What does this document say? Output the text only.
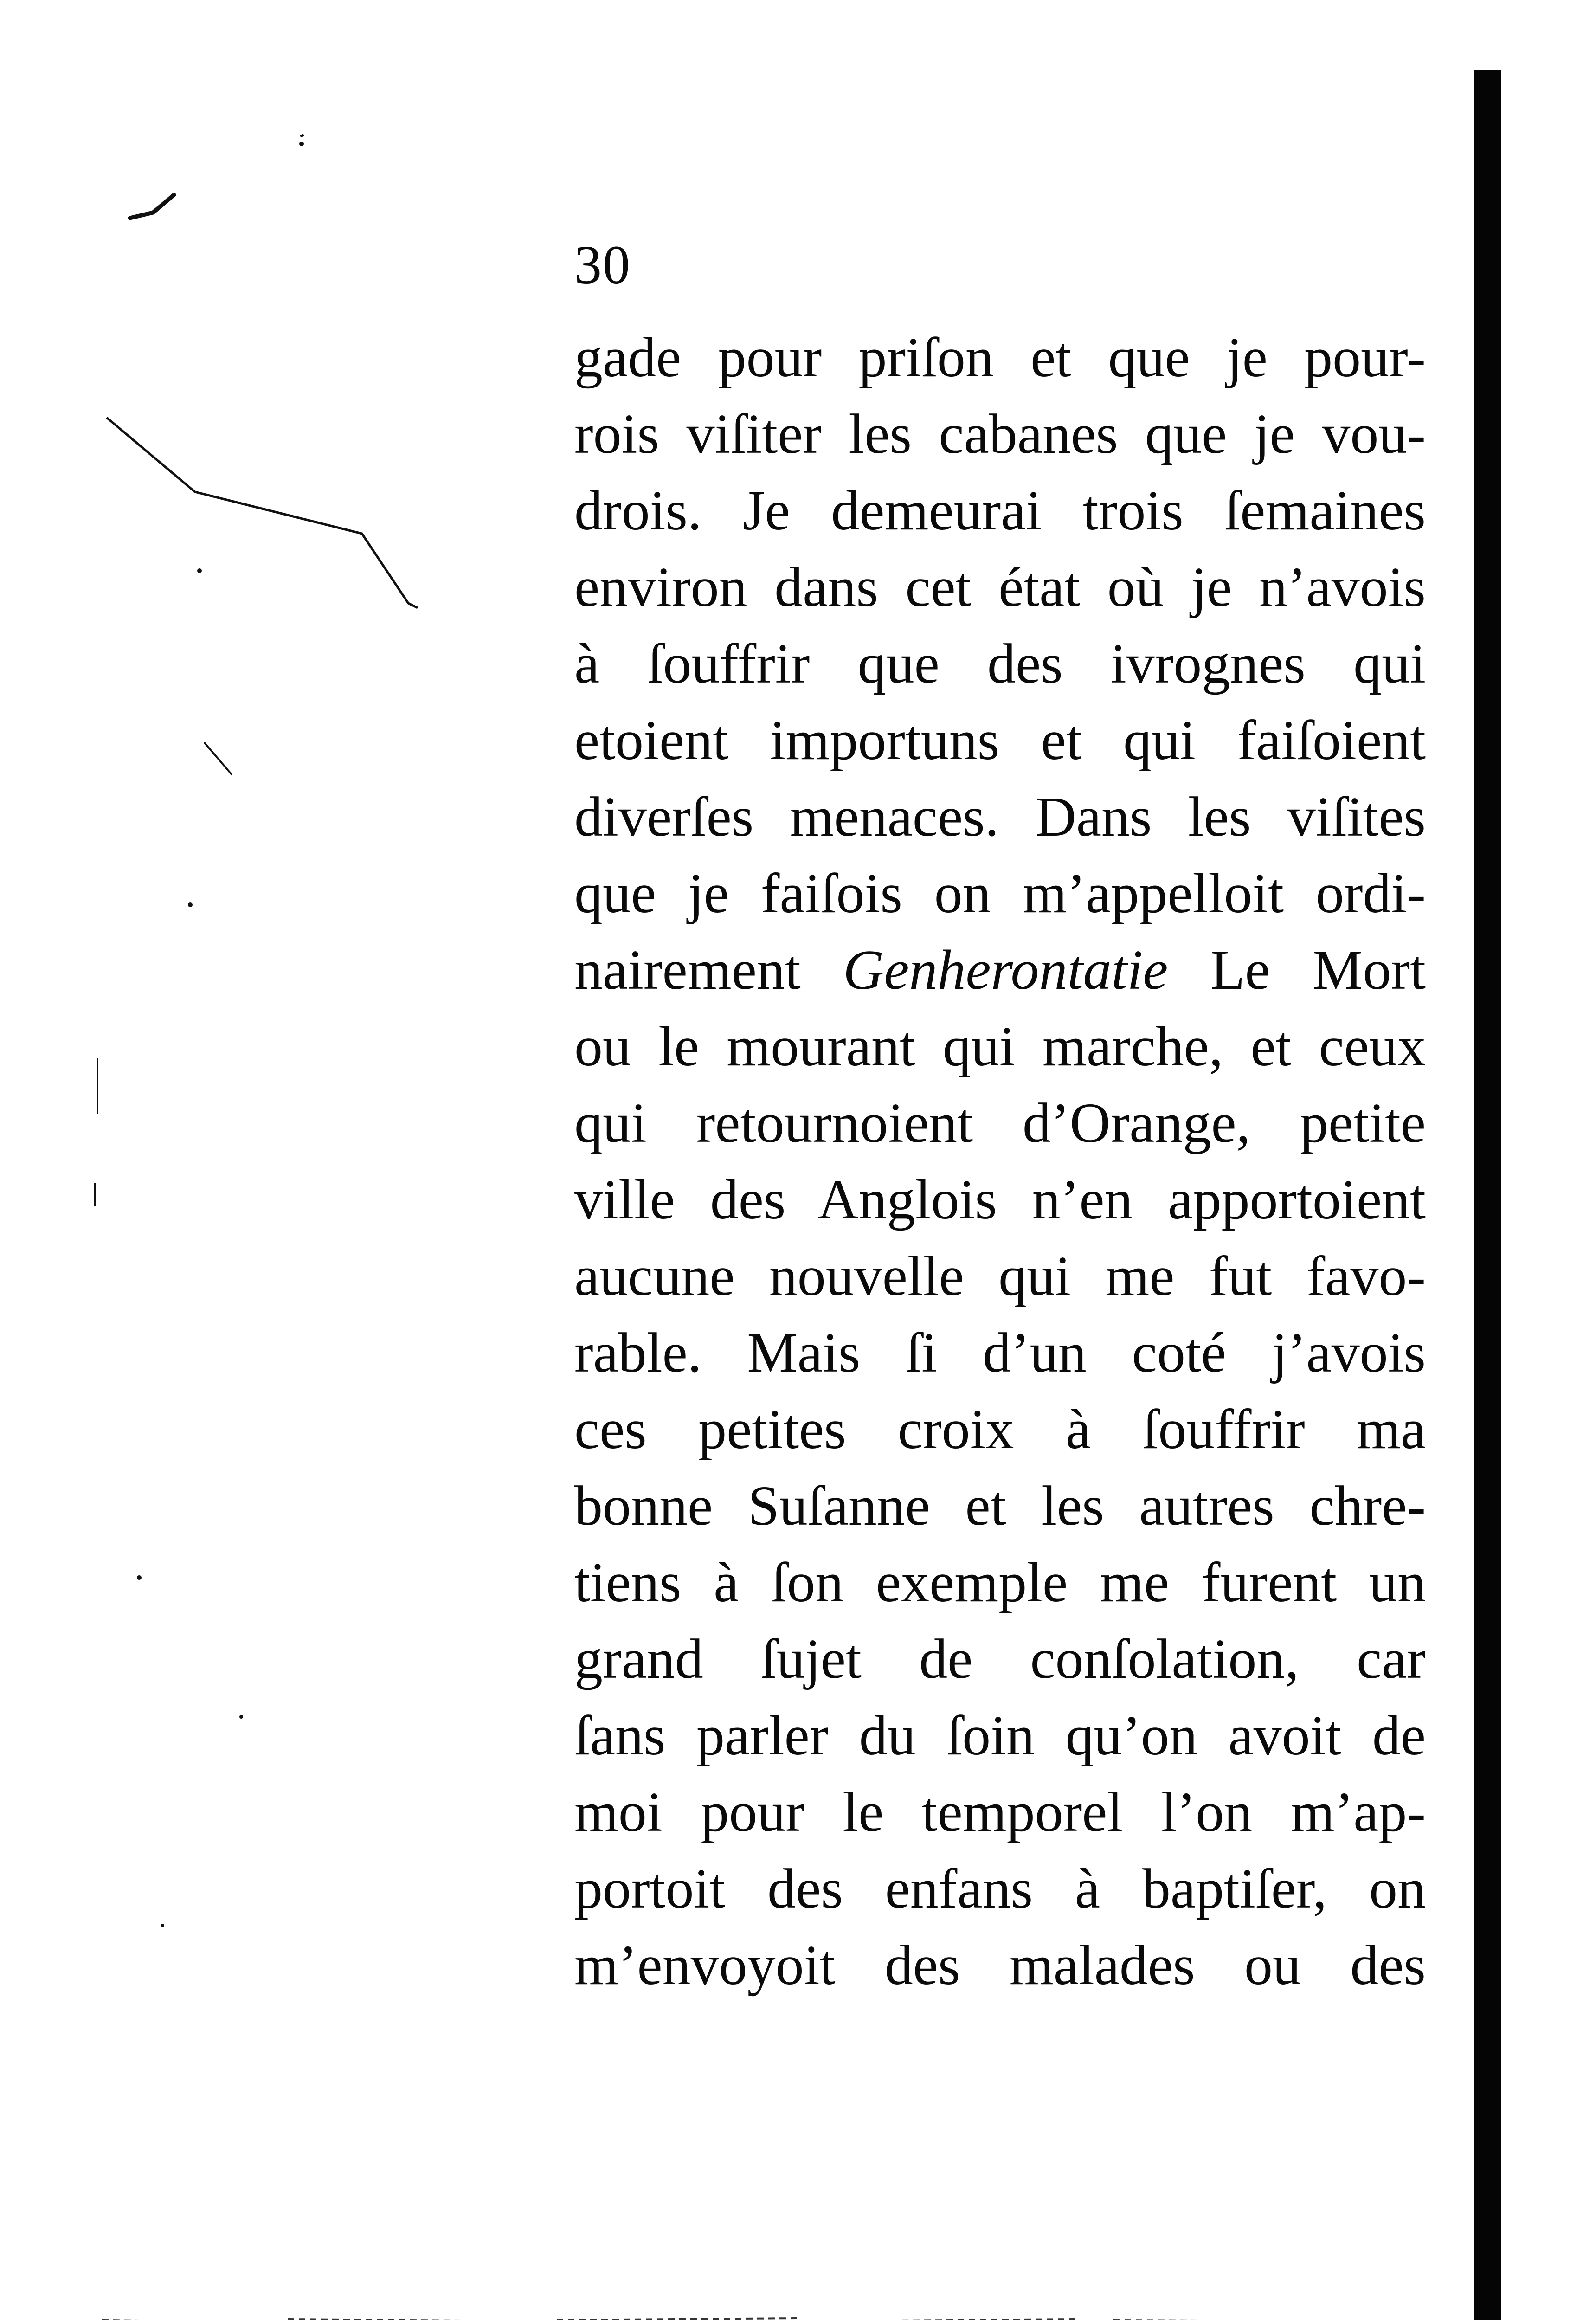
30
gade pour priſon et que je pour-
rois viſiter les cabanes que je vou-
drois. Je demeurai trois ſemaines
environ dans cet état où je n’avois
à ſouffrir que des ivrognes qui
etoient importuns et qui faiſoient
diverſes menaces. Dans les viſites
que je faiſois on m’appelloit ordi-
nairement Genherontatie Le Mort
ou le mourant qui marche, et ceux
qui retournoient d’Orange, petite
ville des Anglois n’en apportoient
aucune nouvelle qui me fut favo-
rable. Mais ſi d’un coté j’avois
ces petites croix à ſouffrir ma
bonne Suſanne et les autres chre-
tiens à ſon exemple me furent un
grand ſujet de conſolation, car
ſans parler du ſoin qu’on avoit de
moi pour le temporel l’on m’ap-
portoit des enfans à baptiſer, on
m’envoyoit des malades ou des
